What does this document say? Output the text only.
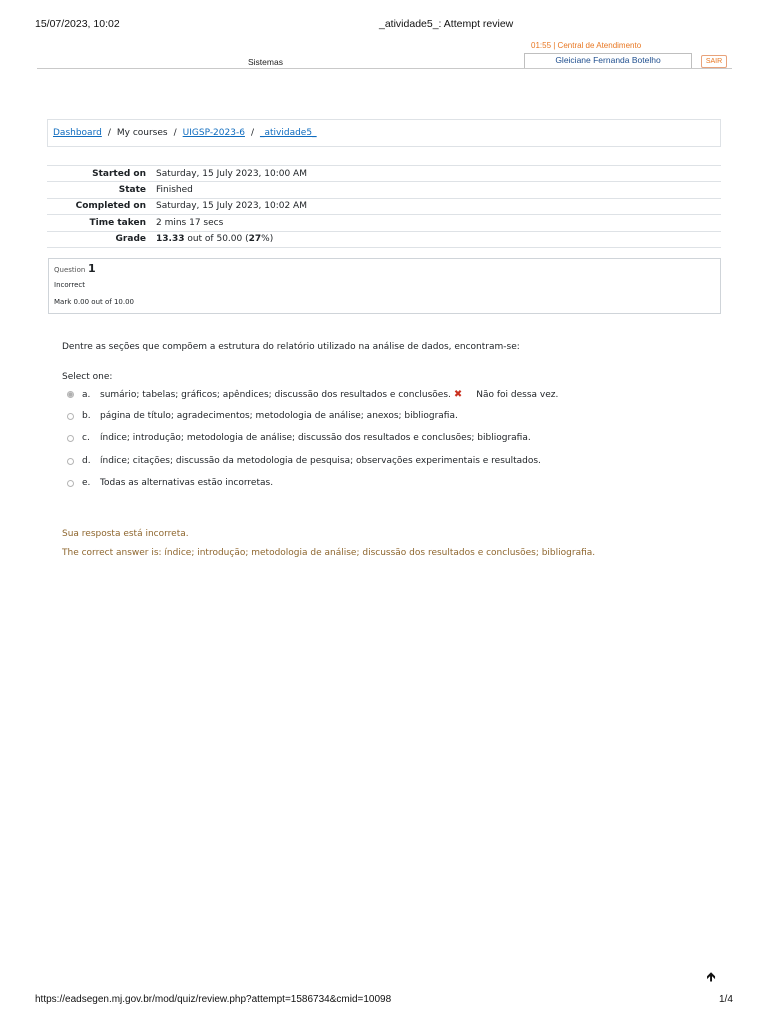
15/07/2023, 10:02	_atividade5_: Attempt review
Sistemas
01:55 | Central de Atendimento
Gleiciane Fernanda Botelho	SAIR
Dashboard / My courses / UIGSP-2023-6 / _atividade5_
Started on	Saturday, 15 July 2023, 10:00 AM
State	Finished
Completed on	Saturday, 15 July 2023, 10:02 AM
Time taken	2 mins 17 secs
Grade	13.33 out of 50.00 (27%)
Question 1
Incorrect
Mark 0.00 out of 10.00
Dentre as seções que compõem a estrutura do relatório utilizado na análise de dados, encontram-se:
Select one:
a.	sumário; tabelas; gráficos; apêndices; discussão dos resultados e conclusões. ✖ Não foi dessa vez.
b.	página de título; agradecimentos; metodologia de análise; anexos; bibliografia.
c.	índice; introdução; metodologia de análise; discussão dos resultados e conclusões; bibliografia.
d.	índice; citações; discussão da metodologia de pesquisa; observações experimentais e resultados.
e.	Todas as alternativas estão incorretas.
Sua resposta está incorreta.
The correct answer is: índice; introdução; metodologia de análise; discussão dos resultados e conclusões; bibliografia.
🡹
https://eadsegen.mj.gov.br/mod/quiz/review.php?attempt=1586734&cmid=10098	1/4
